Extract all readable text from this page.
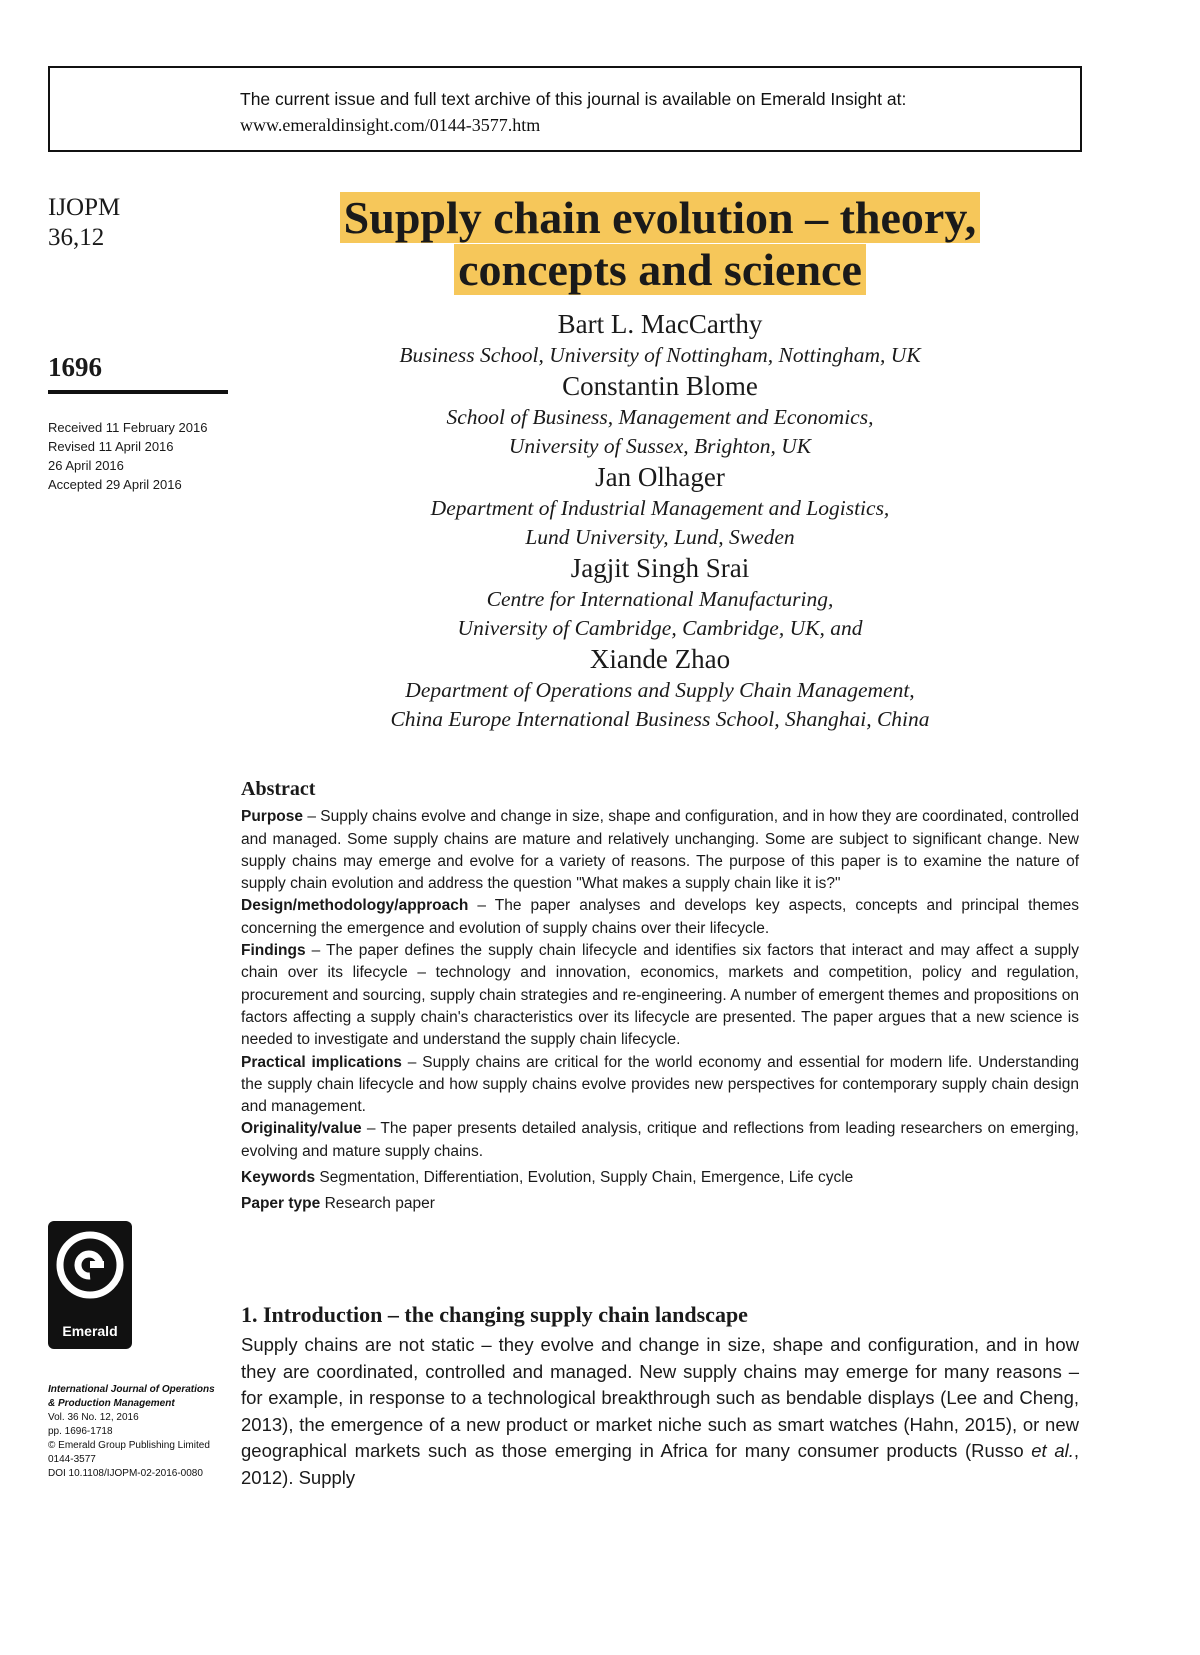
The current issue and full text archive of this journal is available on Emerald Insight at:
www.emeraldinsight.com/0144-3577.htm
IJOPM
36,12
1696
Received 11 February 2016
Revised 11 April 2016
26 April 2016
Accepted 29 April 2016
Supply chain evolution – theory,
concepts and science
Bart L. MacCarthy
Business School, University of Nottingham, Nottingham, UK
Constantin Blome
School of Business, Management and Economics,
University of Sussex, Brighton, UK
Jan Olhager
Department of Industrial Management and Logistics,
Lund University, Lund, Sweden
Jagjit Singh Srai
Centre for International Manufacturing,
University of Cambridge, Cambridge, UK, and
Xiande Zhao
Department of Operations and Supply Chain Management,
China Europe International Business School, Shanghai, China
Abstract

Purpose – Supply chains evolve and change in size, shape and configuration, and in how they are coordinated, controlled and managed. Some supply chains are mature and relatively unchanging. Some are subject to significant change. New supply chains may emerge and evolve for a variety of reasons. The purpose of this paper is to examine the nature of supply chain evolution and address the question "What makes a supply chain like it is?"

Design/methodology/approach – The paper analyses and develops key aspects, concepts and principal themes concerning the emergence and evolution of supply chains over their lifecycle.

Findings – The paper defines the supply chain lifecycle and identifies six factors that interact and may affect a supply chain over its lifecycle – technology and innovation, economics, markets and competition, policy and regulation, procurement and sourcing, supply chain strategies and re-engineering. A number of emergent themes and propositions on factors affecting a supply chain's characteristics over its lifecycle are presented. The paper argues that a new science is needed to investigate and understand the supply chain lifecycle.

Practical implications – Supply chains are critical for the world economy and essential for modern life. Understanding the supply chain lifecycle and how supply chains evolve provides new perspectives for contemporary supply chain design and management.

Originality/value – The paper presents detailed analysis, critique and reflections from leading researchers on emerging, evolving and mature supply chains.

Keywords Segmentation, Differentiation, Evolution, Supply Chain, Emergence, Life cycle

Paper type Research paper

1. Introduction – the changing supply chain landscape

Supply chains are not static – they evolve and change in size, shape and configuration, and in how they are coordinated, controlled and managed. New supply chains may emerge for many reasons – for example, in response to a technological breakthrough such as bendable displays (Lee and Cheng, 2013), the emergence of a new product or market niche such as smart watches (Hahn, 2015), or new geographical markets such as those emerging in Africa for many consumer products (Russo et al., 2012). Supply

Emerald
International Journal of Operations
& Production Management
Vol. 36 No. 12, 2016
pp. 1696-1718
© Emerald Group Publishing Limited
0144-3577
DOI 10.1108/IJOPM-02-2016-0080
